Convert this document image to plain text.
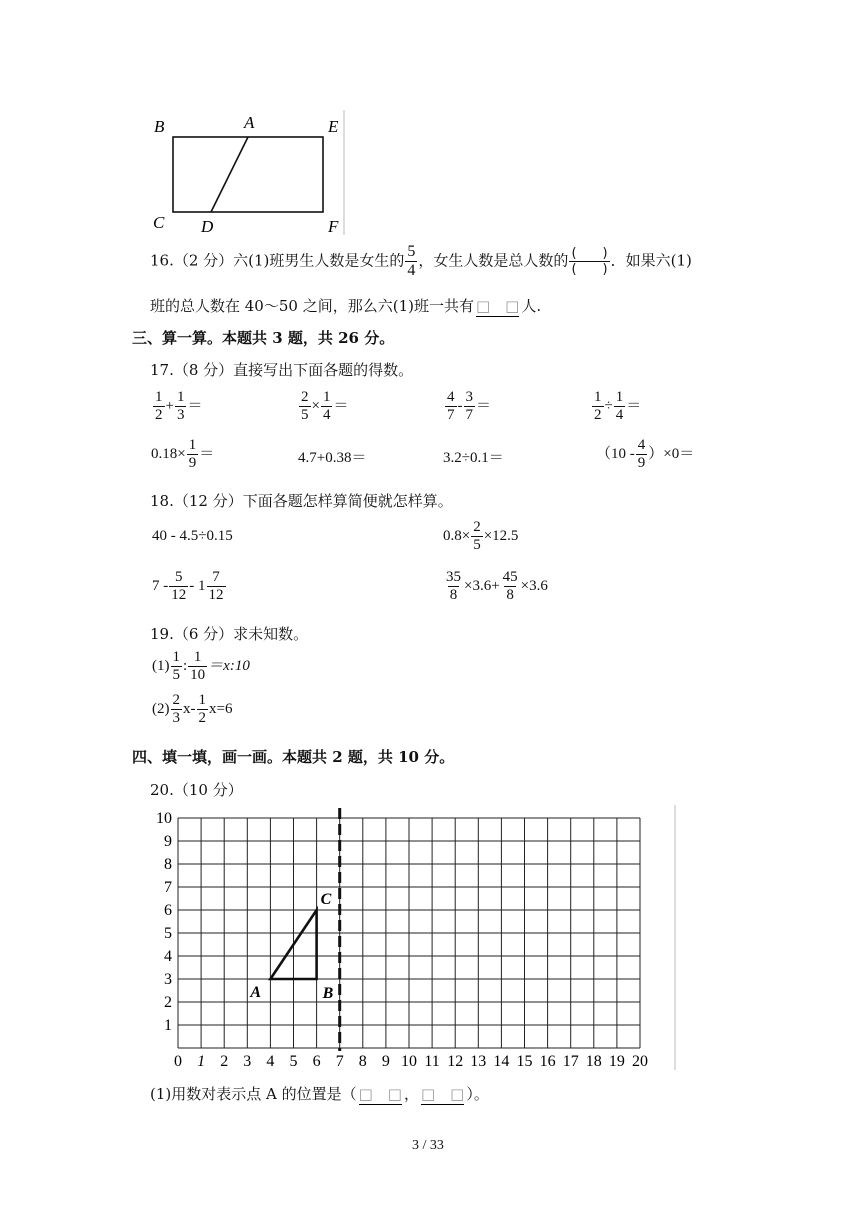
B	A	E
C D	F
16.（2 分）六(1)班男生人数是女生的 $\frac{5}{4}$ ，女生人数是总人数的 $\frac{( )}{( )}$ ．如果六(1)
班的总人数在 40～50 之间，那么六(1)班一共有 □　□ 人.
三、算一算。本题共 3 题，共 26 分。
17.（8 分）直接写出下面各题的得数。
$\frac{1}{2} + \frac{1}{3}$ ＝	$\frac{2}{5} \times \frac{1}{4}$ ＝	$\frac{4}{7} - \frac{3}{7}$ ＝	$\frac{1}{2} \div \frac{1}{4}$ ＝
$0.18\times \frac{1}{9}$ ＝	4.7+0.38＝	3.2÷0.1＝	$(10 - \frac{4}{9} )\times 0=$
18.（12 分）下面各题怎样算简便就怎样算。
40 - 4.5÷0.15	$0.8\times \frac{2}{5} \times 12.5$
$7 - \frac{5}{12} - 1 \frac{7}{12}$	$\frac{35}{8} \times 3.6+ \frac{45}{8} \times 3.6$
19.（6 分）求未知数。
$(1) \frac{1}{5}$ : $\frac{1}{10}$ ＝x:10
$(2) \frac{2}{3} x- \frac{1}{2} x=6$
四、填一填，画一画。本题共 2 题，共 10 分。
20.（10 分）
0 1 2 3 4 5 6 7 8 9 10 11 12 13 14 15 16 17 18 19 20
1
2
3
4
5
6
7
8
9
10
A	B
C
(1)用数对表示点 A 的位置是（ □　□ ， □　□ ）。
3 / 33
